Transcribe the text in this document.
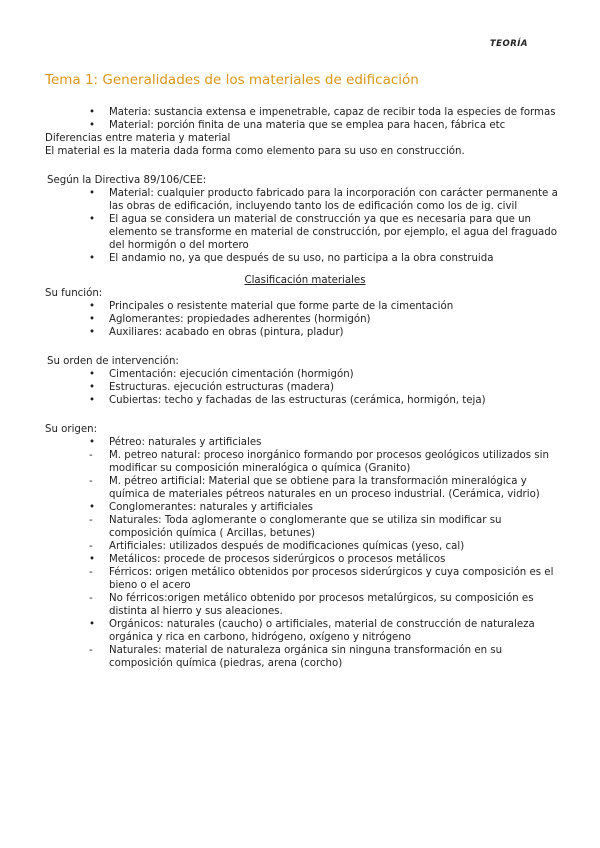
TEORÍA
Tema 1: Generalidades de los materiales de edificación
• Materia: sustancia extensa e impenetrable, capaz de recibir toda la especies de formas
• Material: porción finita de una materia que se emplea para hacen, fábrica etc
Diferencias entre materia y material
El material es la materia dada forma como elemento para su uso en construcción.
Según la Directiva 89/106/CEE:
• Material: cualquier producto fabricado para la incorporación con carácter permanente a las obras de edificación, incluyendo tanto los de edificación como los de ig. civil
• El agua se considera un material de construcción ya que es necesaria para que un elemento se transforme en material de construcción, por ejemplo, el agua del fraguado del hormigón o del mortero
• El andamio no, ya que después de su uso, no participa a la obra construida
Clasificación materiales
Su función:
• Principales o resistente material que forme parte de la cimentación
• Aglomerantes: propiedades adherentes (hormigón)
• Auxiliares: acabado en obras (pintura, pladur)
Su orden de intervención:
• Cimentación: ejecución cimentación (hormigón)
• Estructuras. ejecución estructuras (madera)
• Cubiertas: techo y fachadas de las estructuras (cerámica, hormigón, teja)
Su origen:
• Pétreo: naturales y artificiales
- M. petreo natural: proceso inorgánico formando por procesos geológicos utilizados sin modificar su composición mineralógica o química (Granito)
- M. pétreo artificial: Material que se obtiene para la transformación mineralógica y química de materiales pétreos naturales en un proceso industrial. (Cerámica, vidrio)
• Conglomerantes: naturales y artificiales
- Naturales: Toda aglomerante o conglomerante que se utiliza sin modificar su composición química ( Arcillas, betunes)
- Artificiales: utilizados después de modificaciones químicas (yeso, cal)
• Metálicos: procede de procesos siderúrgicos o procesos metálicos
- Férricos: origen metálico obtenidos por procesos siderúrgicos y cuya composición es el bieno o el acero
- No férricos:origen metálico obtenido por procesos metalúrgicos, su composición es distinta al hierro y sus aleaciones.
• Orgánicos: naturales (caucho) o artificiales, material de construcción de naturaleza orgánica y rica en carbono, hidrógeno, oxígeno y nitrógeno
- Naturales: material de naturaleza orgánica sin ninguna transformación en su composición química (piedras, arena (corcho)
